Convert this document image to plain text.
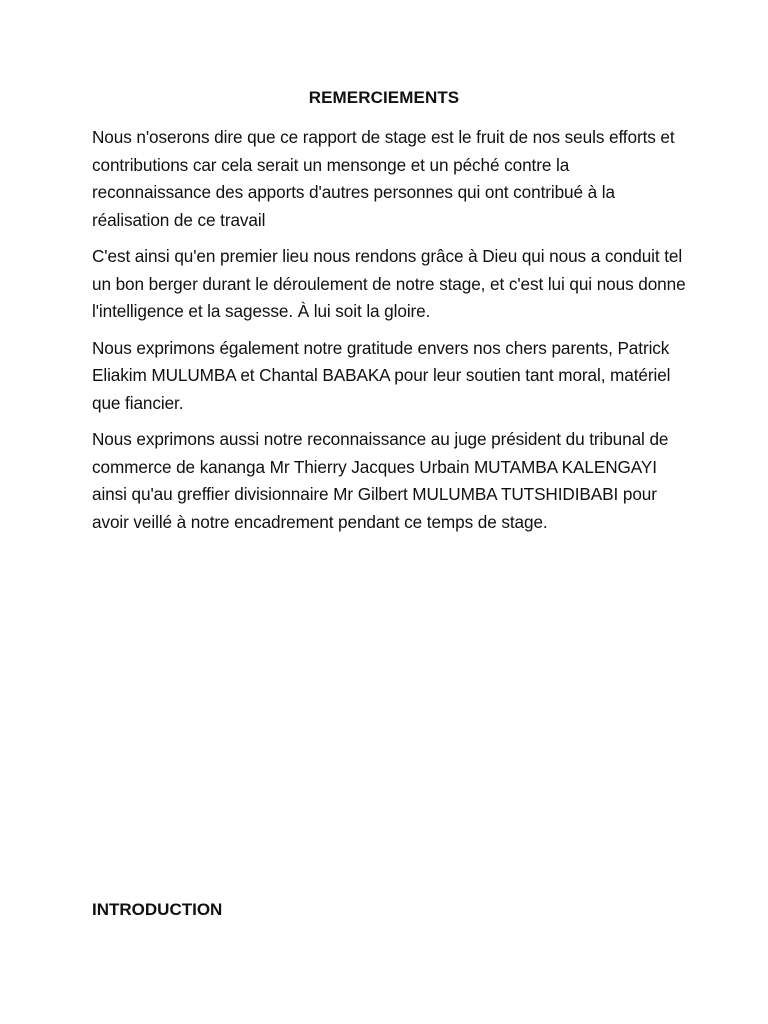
REMERCIEMENTS

Nous n'oserons dire que ce rapport de stage est le fruit de nos seuls efforts et contributions car cela serait un mensonge et un péché contre la reconnaissance des apports d'autres personnes qui ont contribué à la réalisation de ce travail

C'est ainsi qu'en premier lieu nous rendons grâce à Dieu qui nous a conduit tel un bon berger durant le déroulement de notre stage, et c'est lui qui nous donne l'intelligence et la sagesse. À lui soit la gloire.

Nous exprimons également notre gratitude envers nos chers parents, Patrick Eliakim MULUMBA et Chantal BABAKA pour leur soutien tant moral, matériel que fiancier.

Nous exprimons aussi notre reconnaissance au juge président du tribunal de commerce de kananga Mr Thierry Jacques Urbain MUTAMBA KALENGAYI ainsi qu'au greffier divisionnaire Mr Gilbert MULUMBA TUTSHIDIBABI pour avoir veillé à notre encadrement pendant ce temps de stage.

INTRODUCTION
